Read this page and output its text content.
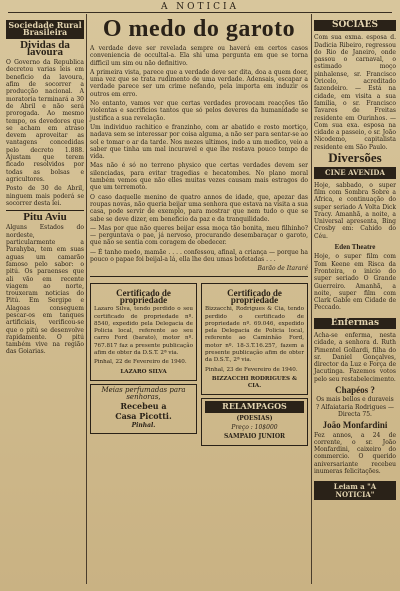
A NOTICIA
Sociedade Rural Brasileira
Dividas da lavoura

O Governo da Republica decretou varias leis em beneficio da lavoura, afim de socorrer a producção nacional. A moratoria terminará a 30 de Abril e não será prorogada. Ao mesmo tempo, os devedores que se acham em atraso devem aproveitar as vantagens concedidas pelo decreto 1.888. Ajustam que terem ficado resolvidos por todas as bolsas e agricultores.

Posto de 30 de Abril, ninguem mais poderá se socorrer desta lei.

Pitu Aviu

Alguns Estados do nordeste, particularmente a Parahyba, tem em suas aguas um camarão famoso pelo sabor: o pitú. Os paraenses que ali vão em recente viagem ao norte, trouxeram noticias do Pitú. Em Sergipe e Alagoas conseguem pescar-os em tanques artificiais, verificou-se que o pitú se desenvolve rapidamente. O pitú também vive na região das Goiarias.

O medo do garoto

A verdade deve ser revelada sempre ou haverá em certos casos conveniencia de occultal-a. Ela shi uma pergunta em que se torna difficil um sim ou não definitivo.

A primeira vista, parece que a verdade deve ser dita, doa a quem doer, uma vez que se trata rudimento de uma verdade. Adensais, escapar a verdade parece ser um crime nefando, pela importa em induzir os outros em erro.

No entanto, vamos ver que certas verdades provocam reacções tão violentas e sacrificios tantos que só pelos deveres da humanidade se justifica a sua revelação.

Um individuo rachitico e franzinho, com ar abatido e rosto mortiço, nadava sem se interessar por coisa alguma, a não ser para sentar-se ao sol e tomar o ar da tarde. Nos mezes ultimos, indo a um medico, veio a saber que tinha um mal incuravel e que lhe restava pouco tempo de vida.

Mas não é só no terreno physico que certas verdades devem ser silenciadas, para evitar tragedias e hecatombes. No plano moral também vemos que não elles muitas vezes causam mais estragos do que um terremoto.

O caso daquelle menino de quatro annos de idade, que, apezar das roupas novas, não queria beijar uma senhora que estava na visita a sua casa, pode servir de exemplo, para mostrar que nem tudo o que se sabe se deve dizer, em beneficio da paz e da tranquilidade.

— Mas por que não queres beijar essa moça tão bonita, meu filhinho? — perguntava o pae, já nervoso, procurando desembaraçar o garoto, que não se sentia com coragem de obedecer.

— É tanho medo, mamãe . . . . confessou, afinal, a criança — porque ha pouco o papae foi beijal-a lá, ella lhe deu umas bofetadas . . .

Barão de Itararé
Certificado de propriedade

Lazaro Silva, tendo perdido o seu certificado de propriedade nº. 8540, expedido pela Delegacia de Policia local, referente ao seu carro Ford (barato), motor nº. 767.817 faz a presente publicação afim de obter da D.S.T. 2ª via.

Pinhal, 22 de Fevereiro de 1940.

LAZARO SILVA

Meias perfumadas para senhoras,

Recebeu a

Casa Picotti.

Pinhal.

Certificado de propriedade

Bizzacchi, Rodrigues & Cia, tendo perdido o certificado de propriedade nº. 69.046, expedido pela Delegacia de Policia local, referente ao Caminhão Ford, motor nº. 18-3.T.16.257, fazem a presente publicação afim de obter da D.S.T., 2ª via.

Pinhal, 23 de Fevereiro de 1940.

BIZZACCHI RODRIGUES & CIA.

RELAMPAGOS

(POESIAS)

Preço : 10$000

SAMPAIO JUNIOR

SOCIAES

Com sua exma. esposa d. Dadicia Ribeiro, regressou do Rio de Janeiro, onde passou o carnaval, o estimado moço pinhalense, sr. Francisco Oricelo, acreditado fazendeiro. — Está na cidade, em visita a sua familia, o sr. Francisco Tavares de Freitas residente em Ourinhos. — Com sua exa. esposa na cidade a passeio, o sr. João Nicodemo, capitalista residente em São Paulo.

Diversões
CINE AVENIDA

Hoje, sabbado, o super film com Sombra Sobre a Africa, e continuação do super seriado A Volta Dick Tracy. Amanhã, a noite, a Universal apresenta, Bing Crosby em: Cahido do Céu.

Eden Theatre

Hoje, o super film com Tom Keene em Risca da Fronteira, o inicio do super seriado O Grande Guerreiro. Amanhã, a noite, super film com Clark Gable em Cidade de Peccado.

Enfermas

Acha-se enferma, nesta cidade, a senhora d. Ruth Pimentel Gollardi, filha do sr. Daniel Gonçalves, director da Luz e Força de Jacutinga. Fazemos votos pelo seu restabelecimento.

Chapéos ?

Os mais bellos e duraveis ? Alfaiataria Rodrigues — Directa 75.

João Monfardini

Fez annos, a 24 de corrente, o sr. João Monfardini, caixeiro do commercio. O querido aniversariante recebeu inumeras felicitações.

Leiam a "A NOTICIA"
